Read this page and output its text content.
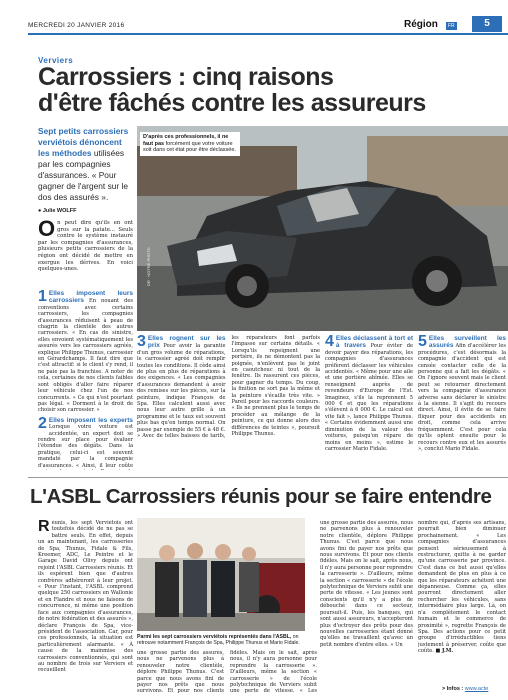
MERCREDI 20 JANVIER 2016	Région	FR	5
Verviers
Carrossiers : cinq raisons
d'être fâchés contre les assureurs
Sept petits carrossiers verviétois dénoncent les méthodes utilisées par les compagnies d'assurances. « Pour gagner de l'argent sur le dos des assurés ».
● Julie WOLFF
O n peut dire qu'ils en ont gros sur la patate... Seuls contre le système instauré par les compagnies d'assurances, plusieurs petits carrossiers de la région ont décidé de mettre en exergue les dérives. En voici quelques-unes.
D'après ces professionnels, il ne faut pas forcément que votre voiture soit dans cet état pour être déclassée.
DR · NOTRE PHOTO

1 Elles imposent leurs carrossiers En nouant des conventions avec certains carrossiers, les compagnies d'assurances réduisent à peau de chagrin la clientèle des autres carrossiers. « En cas de sinistre, elles envoient systématiquement les assurés vers les carrossiers agréés, explique Philippe Thunus, carrossier en Gérardchamps. Il faut dire que c'est attractif: si le client s'y rend, il ne paie pas la franchise. A noter de cela, certaines de nos clients faibles sont obligés d'aller faire réparer leur véhicule chez l'un de nos concurrents. » Ce qui n'est pourtant pas légal. « Dorment à le droit de choisir son carrossier. »

2 Elles imposent les experts Lorsque votre voiture est accidentée, un expert doit se rendre sur place pour évaluer l'étendue des dégâts. Dans la pratique, celui-ci est souvent mandaté par la compagnie d'assurances. « Ainsi, il leur coûte

3 Elles rognent sur les prix Pour avoir la garantie d'un gros volume de réparations, le carrossier agréé doit remplir toutes les conditions. Il cède ainsi de plus en plus de réparations à des exigences. « Les compagnies d'assurances demandent à avoir des remises sur les pièces, sur la peinture, indique François de Spa. Elles calculent aussi avec nous leur autre grille à un programme et le taux est souvent plus bas qu'en temps normal. On passe par exemple de 55 € à 48 €. » Avec de telles baisses de tarifs, les réparateurs font parfois l'impasse sur certains détails. « Lorsqu'ils repeignent une portière, ils ne démontent pas la poignée, n'enlèvent pas le joint en caoutchouc ni tout de la fenêtre. Ils rassurent ces pièces, pour gagner du temps. Du coup, la finition ne sort pas la même et la peinture s'écaille très vite. » Pareil pour les raccords couleurs. « Ils ne prennent plus le temps de procéder au mélange de la peinture, ce qui donne alors des différences de teintes », poursuit Philippe Thunus.

4 Elles déclassent à tort et à travers Pour éviter de devoir payer des réparations, les compagnies d'assurances préfèrent déclasser les véhicules accidentés. « Même pour une aile et une portière abîmée. Elles se renseignent auprès de revendeurs d'Europe de l'Est. Imaginez, s'ils la reprennent 5 000 € et que les réparations s'élèvent à 6 000 €. Le calcul est vite fait », lance Philippe Thunus. « Certains évidemment aussi une diminution de la valeur des voitures, puisqu'on répare de moins en moins », estime le carrossier Mario Fidale.

5 Elles surveillent les assurés Afin d'accélérer les procédures, c'est désormais la compagnie d'accident qui est censée contacter celle de la personne qui a fait les dégâts. « On l'ignore souvent mais le client peut se retourner directement vers la compagnie d'assurance adverse sans déclarer le sinistre à la sienne. Il s'agit du recours direct. Ainsi, il évite de se faire fliquer pour des accidents en droit, comme cela arrive fréquemment. C'est pour cela qu'ils optent ensuite pour le recours contre eux et les assurés », conclut Mario Fidale.

L'ASBL Carrossiers réunis pour se faire entendre

R éunis, les sept Verviétois ont toutefois décidé de ne pas se battre seuls. En effet, depuis un an maintenant, les carrosseries de Spa, Thunus, Fidale & Fils, Kreemer, ADC, Le Peintre et le Garage David Olivy depuis ont rejoint l'ASBL Carrossiers réunis. Et ils espèrent bien que d'autres confrères adhéreront à leur projet. « Pour l'instant, l'ASBL comprend quelque 250 carrossiers en Wallonie et en Flandre et nous ne faisons de concurrence, ni même une position face aux compagnies d'assurances, de notre fédération et des assurés », déclare François de Spa, vice-président de l'association. Car, pour ces professionnels, la situation est particulièrement alarmante. « À cause de la mainmise des carrossiers conventionnés, qui sont au nombre de trois sur Verviers et recueillent

Parmi les sept carrossiers verviétois représentés dans l'ASBL, on retrouve notamment François de Spa, Philippe Thunus et Mario Fidale.

une grosse partie des assurés, nous ne parvenons plus à renouveler notre clientèle, déplore Philippe Thunus. C'est parce que nous avons fini de payer nos prêts que nous survivons. Et pour nos clients fidèles. Mais on le sait, après nous, il n'y aura personne pour reprendre la carrosserie ». D'ailleurs, même la section « carrosserie » de l'école polytechnique de Verviers subit une perte de vitesse. « Les

une grosse partie des assurés, nous ne parvenons plus à renouveler notre clientèle, déplore Philippe Thunus. C'est parce que nous avons fini de payer nos prêts que nous survivons. Et pour nos clients fidèles. Mais on le sait, après nous, il n'y aura personne pour reprendre la carrosserie ». D'ailleurs, même la section « carrosserie » de l'école polytechnique de Verviers subit une perte de vitesse. « Les jeunes sont conscients qu'il n'y a plus de débouché dans ce secteur, poursuit-il. Puis, les banques, qui sont aussi assureurs, n'accepteront plus d'octroyer des prêts pour des nouvelles carrosseries étant donné qu'elles ne travaillent qu'avec un petit nombre d'entre elles. » Un

nombre qui, d'après ses artisans, pourrait bien diminuer prochainement. « Les compagnies d'assurances pensent sérieusement à restructurer, quitte à ne garder qu'une carrosserie par province. C'est dans ce but aussi qu'elles demandent de plus en plus à ce que les réparateurs achètent une dépanneuse. Comme ça, elles pourront directement aller rechercher les véhicules, sans intermédiaire plus large. Là, on n'a complètement le contact humain et le commerce de proximité », regrette François de Spa. Des actions pour ce petit groupe d'irréductibles tiens justement à préserver, coûte que coûte. ■ J.M.

> Infos : www.acte
